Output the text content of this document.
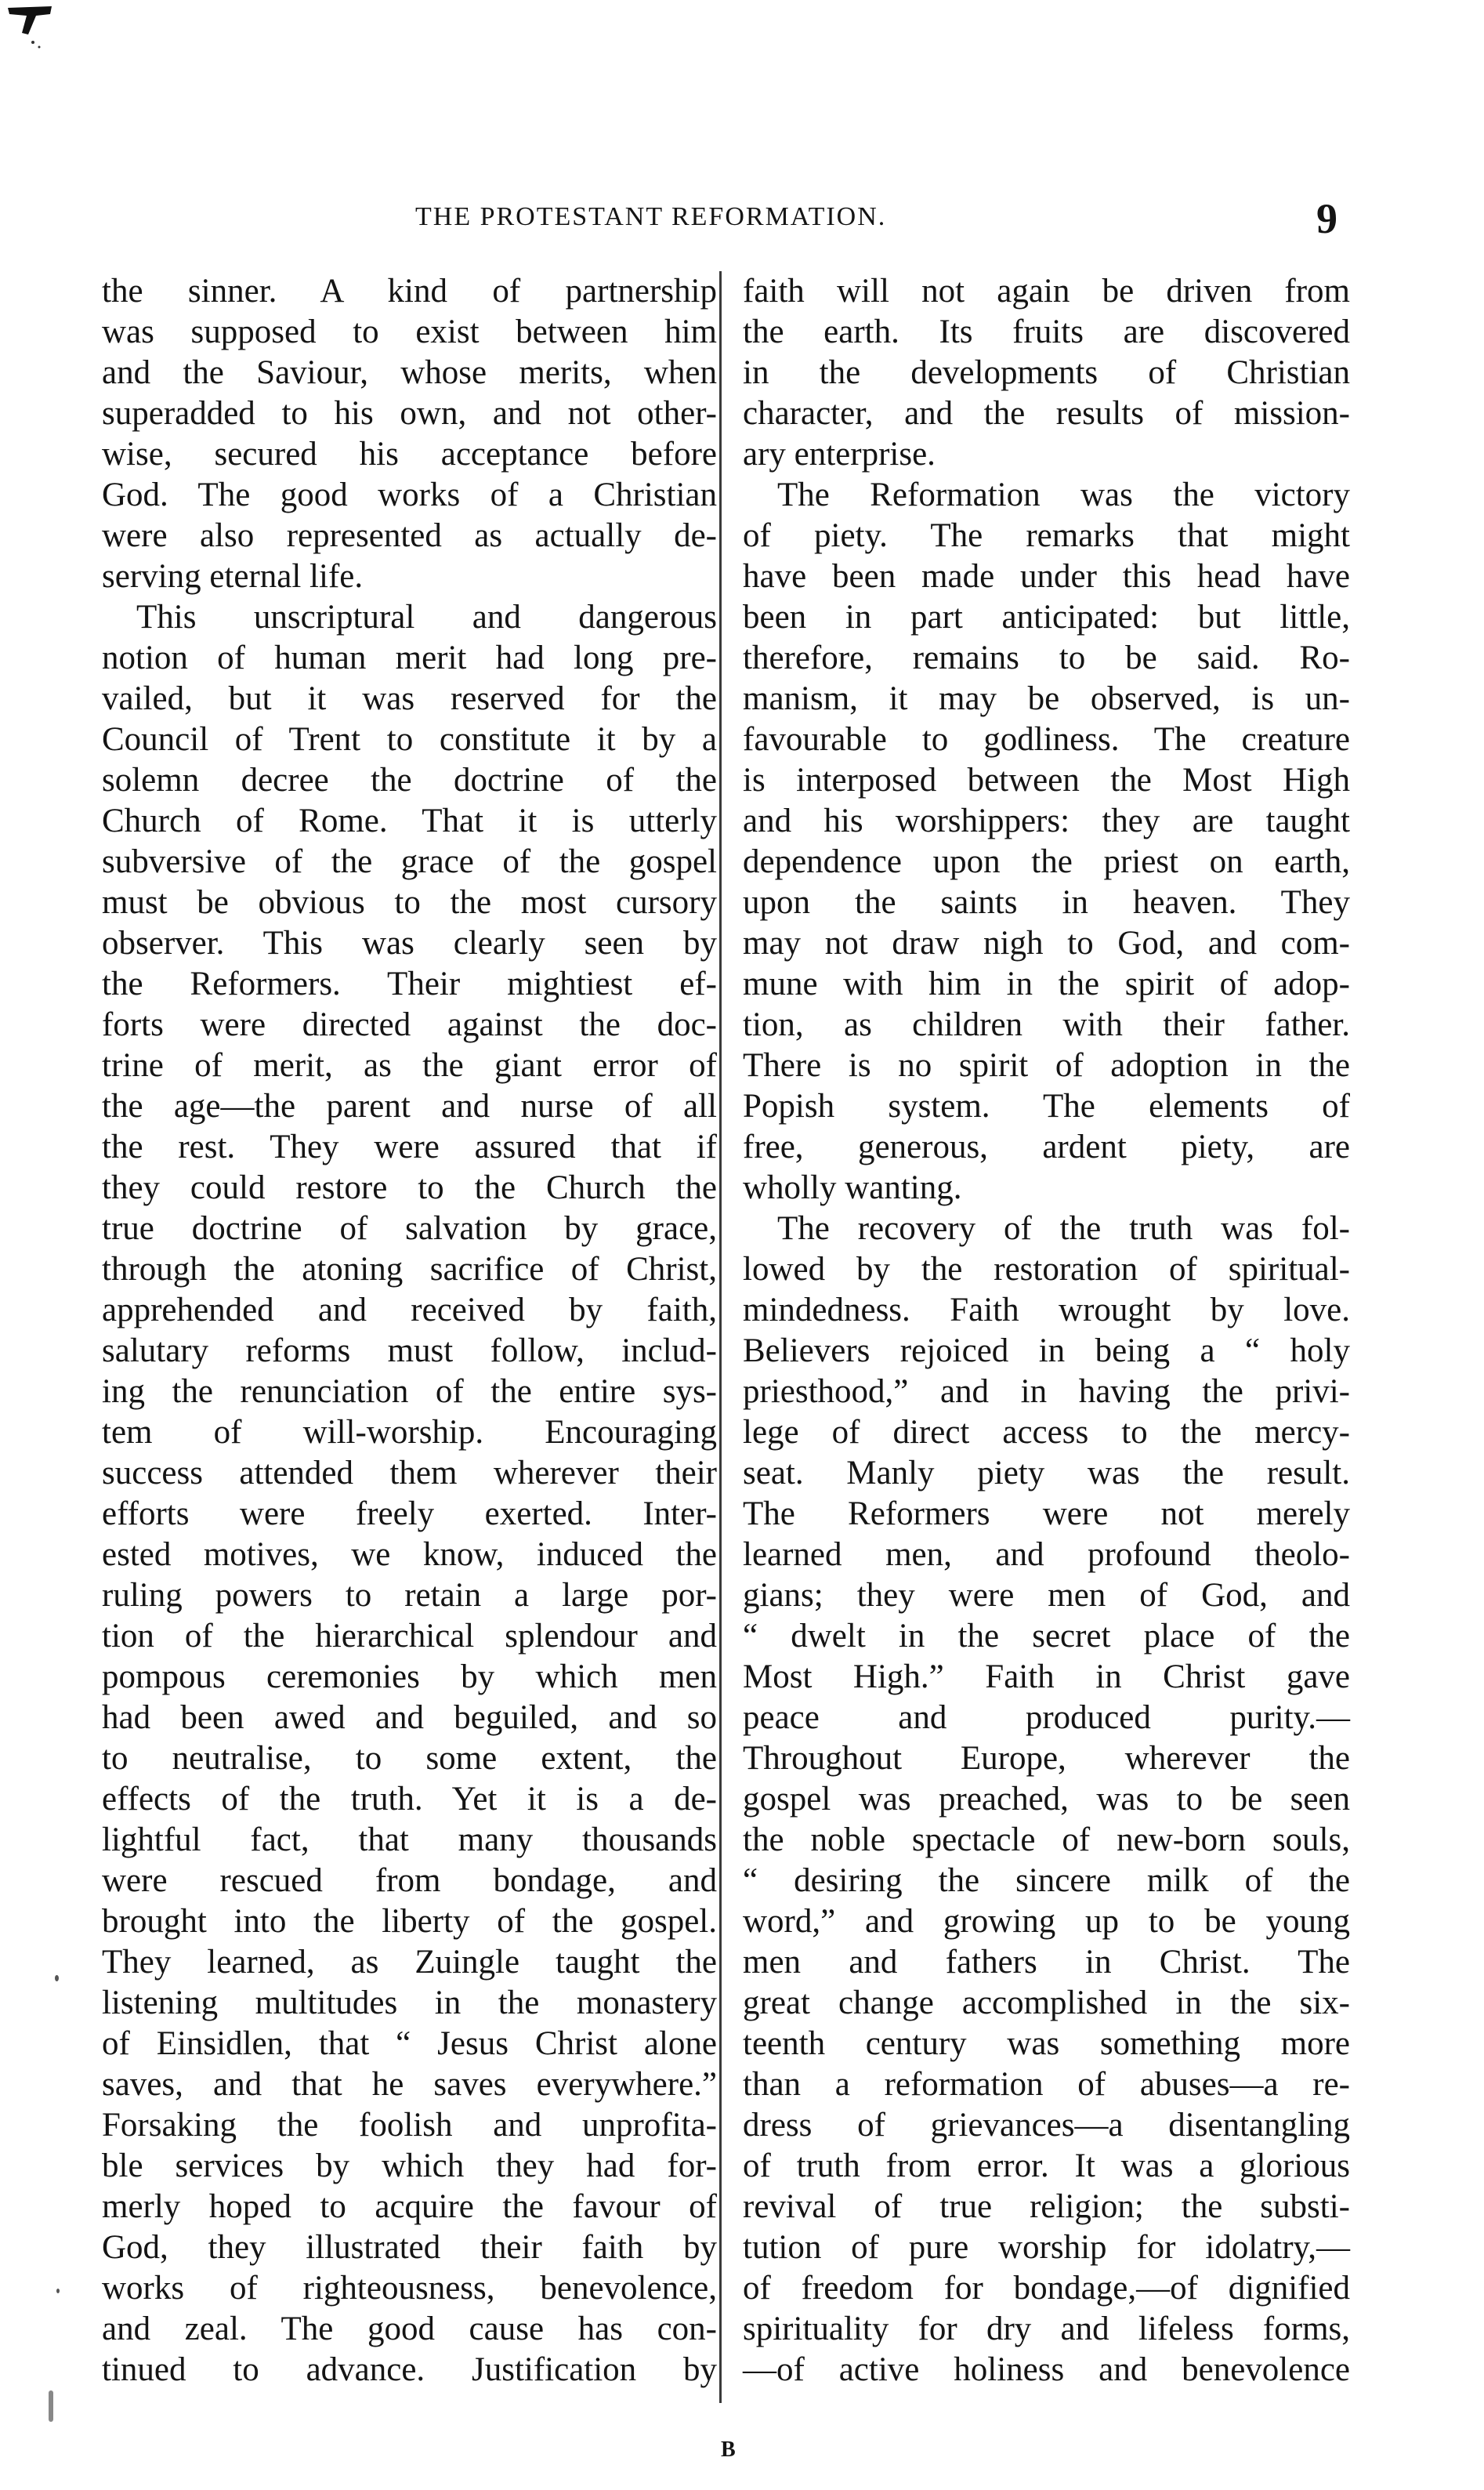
THE PROTESTANT REFORMATION.	9
the sinner. A kind of partnership
was supposed to exist between him
and the Saviour, whose merits, when
superadded to his own, and not other-
wise, secured his acceptance before
God. The good works of a Christian
were also represented as actually de-
serving eternal life.
This unscriptural and dangerous
notion of human merit had long pre-
vailed, but it was reserved for the
Council of Trent to constitute it by a
solemn decree the doctrine of the
Church of Rome. That it is utterly
subversive of the grace of the gospel
must be obvious to the most cursory
observer. This was clearly seen by
the Reformers. Their mightiest ef-
forts were directed against the doc-
trine of merit, as the giant error of
the age—the parent and nurse of all
the rest. They were assured that if
they could restore to the Church the
true doctrine of salvation by grace,
through the atoning sacrifice of Christ,
apprehended and received by faith,
salutary reforms must follow, includ-
ing the renunciation of the entire sys-
tem of will-worship. Encouraging
success attended them wherever their
efforts were freely exerted. Inter-
ested motives, we know, induced the
ruling powers to retain a large por-
tion of the hierarchical splendour and
pompous ceremonies by which men
had been awed and beguiled, and so
to neutralise, to some extent, the
effects of the truth. Yet it is a de-
lightful fact, that many thousands
were rescued from bondage, and
brought into the liberty of the gospel.
They learned, as Zuingle taught the
listening multitudes in the monastery
of Einsidlen, that “ Jesus Christ alone
saves, and that he saves everywhere.”
Forsaking the foolish and unprofita-
ble services by which they had for-
merly hoped to acquire the favour of
God, they illustrated their faith by
works of righteousness, benevolence,
and zeal. The good cause has con-
tinued to advance. Justification by
faith will not again be driven from
the earth. Its fruits are discovered
in the developments of Christian
character, and the results of mission-
ary enterprise.
The Reformation was the victory
of piety. The remarks that might
have been made under this head have
been in part anticipated: but little,
therefore, remains to be said. Ro-
manism, it may be observed, is un-
favourable to godliness. The creature
is interposed between the Most High
and his worshippers: they are taught
dependence upon the priest on earth,
upon the saints in heaven. They
may not draw nigh to God, and com-
mune with him in the spirit of adop-
tion, as children with their father.
There is no spirit of adoption in the
Popish system. The elements of
free, generous, ardent piety, are
wholly wanting.
The recovery of the truth was fol-
lowed by the restoration of spiritual-
mindedness. Faith wrought by love.
Believers rejoiced in being a “ holy
priesthood,” and in having the privi-
lege of direct access to the mercy-
seat. Manly piety was the result.
The Reformers were not merely
learned men, and profound theolo-
gians; they were men of God, and
“ dwelt in the secret place of the
Most High.” Faith in Christ gave
peace and produced purity.—
Throughout Europe, wherever the
gospel was preached, was to be seen
the noble spectacle of new-born souls,
“ desiring the sincere milk of the
word,” and growing up to be young
men and fathers in Christ. The
great change accomplished in the six-
teenth century was something more
than a reformation of abuses—a re-
dress of grievances—a disentangling
of truth from error. It was a glorious
revival of true religion; the substi-
tution of pure worship for idolatry,—
of freedom for bondage,—of dignified
spirituality for dry and lifeless forms,
—of active holiness and benevolence
B
